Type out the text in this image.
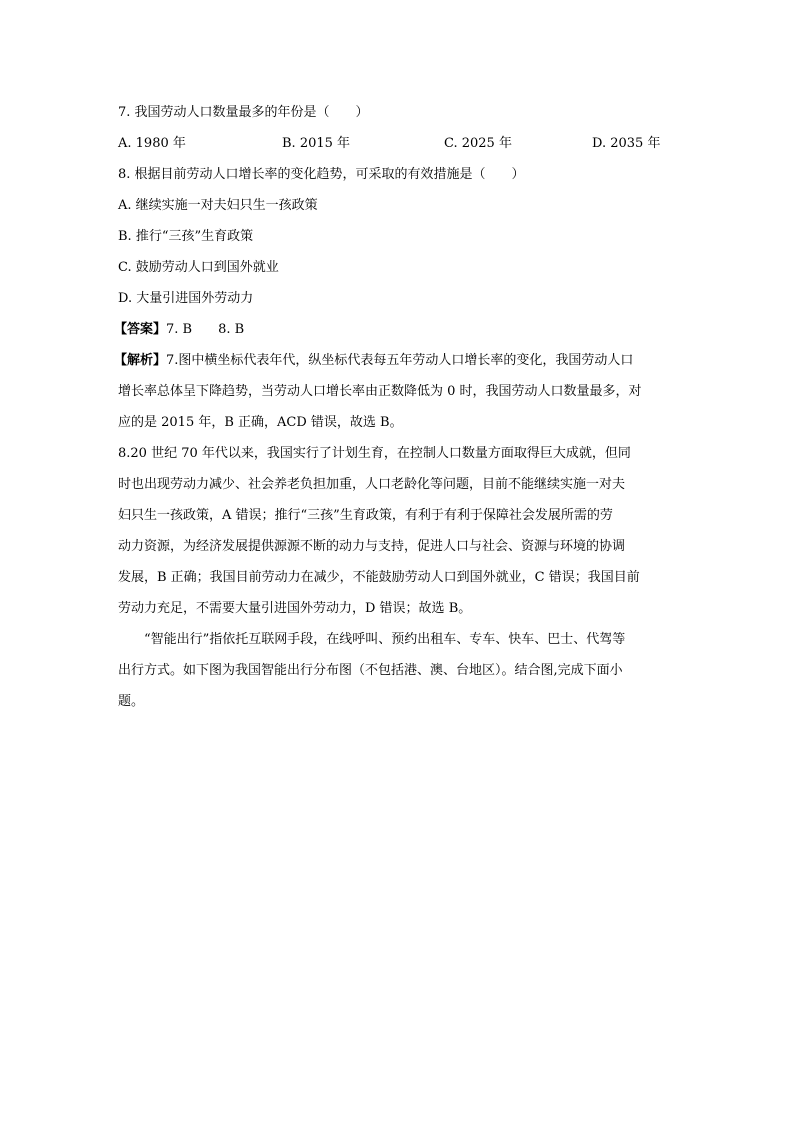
7. 我国劳动人口数量最多的年份是（　　）
A. 1980 年	B. 2015 年	C. 2025 年	D. 2035 年
8. 根据目前劳动人口增长率的变化趋势，可采取的有效措施是（　　）
A. 继续实施一对夫妇只生一孩政策
B. 推行“三孩”生育政策
C. 鼓励劳动人口到国外就业
D. 大量引进国外劳动力
【答案】7. B　　8. B
【解析】7.图中横坐标代表年代，纵坐标代表每五年劳动人口增长率的变化，我国劳动人口
增长率总体呈下降趋势，当劳动人口增长率由正数降低为 0 时，我国劳动人口数量最多，对
应的是 2015 年，B 正确，ACD 错误，故选 B。
8.20 世纪 70 年代以来，我国实行了计划生育，在控制人口数量方面取得巨大成就，但同
时也出现劳动力减少、社会养老负担加重，人口老龄化等问题，目前不能继续实施一对夫
妇只生一孩政策，A 错误；推行“三孩”生育政策，有利于有利于保障社会发展所需的劳
动力资源，为经济发展提供源源不断的动力与支持，促进人口与社会、资源与环境的协调
发展，B 正确；我国目前劳动力在减少，不能鼓励劳动人口到国外就业，C 错误；我国目前
劳动力充足，不需要大量引进国外劳动力，D 错误；故选 B。
“智能出行”指依托互联网手段，在线呼叫、预约出租车、专车、快车、巴士、代驾等
出行方式。如下图为我国智能出行分布图（不包括港、澳、台地区）。结合图,完成下面小
题。
